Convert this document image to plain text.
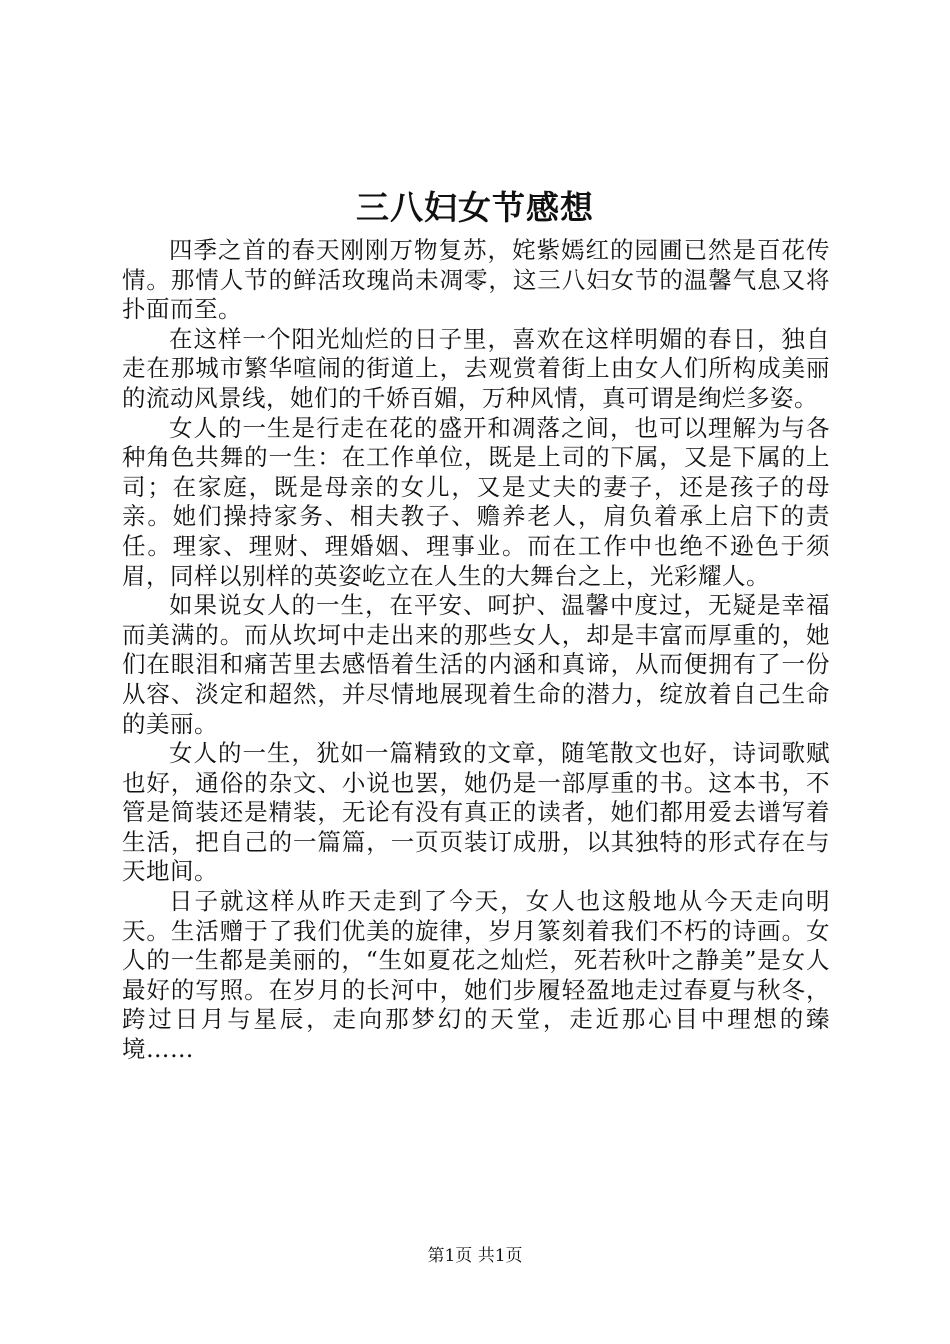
三八妇女节感想

四季之首的春天刚刚万物复苏，姹紫嫣红的园圃已然是百花传情。那情人节的鲜活玫瑰尚未凋零，这三八妇女节的温馨气息又将扑面而至。

在这样一个阳光灿烂的日子里，喜欢在这样明媚的春日，独自走在那城市繁华喧闹的街道上，去观赏着街上由女人们所构成美丽的流动风景线，她们的千娇百媚，万种风情，真可谓是绚烂多姿。

女人的一生是行走在花的盛开和凋落之间，也可以理解为与各种角色共舞的一生：在工作单位，既是上司的下属，又是下属的上司；在家庭，既是母亲的女儿，又是丈夫的妻子，还是孩子的母亲。她们操持家务、相夫教子、赡养老人，肩负着承上启下的责任。理家、理财、理婚姻、理事业。而在工作中也绝不逊色于须眉，同样以别样的英姿屹立在人生的大舞台之上，光彩耀人。

如果说女人的一生，在平安、呵护、温馨中度过，无疑是幸福而美满的。而从坎坷中走出来的那些女人，却是丰富而厚重的，她们在眼泪和痛苦里去感悟着生活的内涵和真谛，从而便拥有了一份从容、淡定和超然，并尽情地展现着生命的潜力，绽放着自己生命的美丽。

女人的一生，犹如一篇精致的文章，随笔散文也好，诗词歌赋也好，通俗的杂文、小说也罢，她仍是一部厚重的书。这本书，不管是简装还是精装，无论有没有真正的读者，她们都用爱去谱写着生活，把自己的一篇篇，一页页装订成册，以其独特的形式存在与天地间。

日子就这样从昨天走到了今天，女人也这般地从今天走向明天。生活赠于了我们优美的旋律，岁月篆刻着我们不朽的诗画。女人的一生都是美丽的，“生如夏花之灿烂，死若秋叶之静美”是女人最好的写照。在岁月的长河中，她们步履轻盈地走过春夏与秋冬，跨过日月与星辰，走向那梦幻的天堂，走近那心目中理想的臻境……

第1页 共1页
